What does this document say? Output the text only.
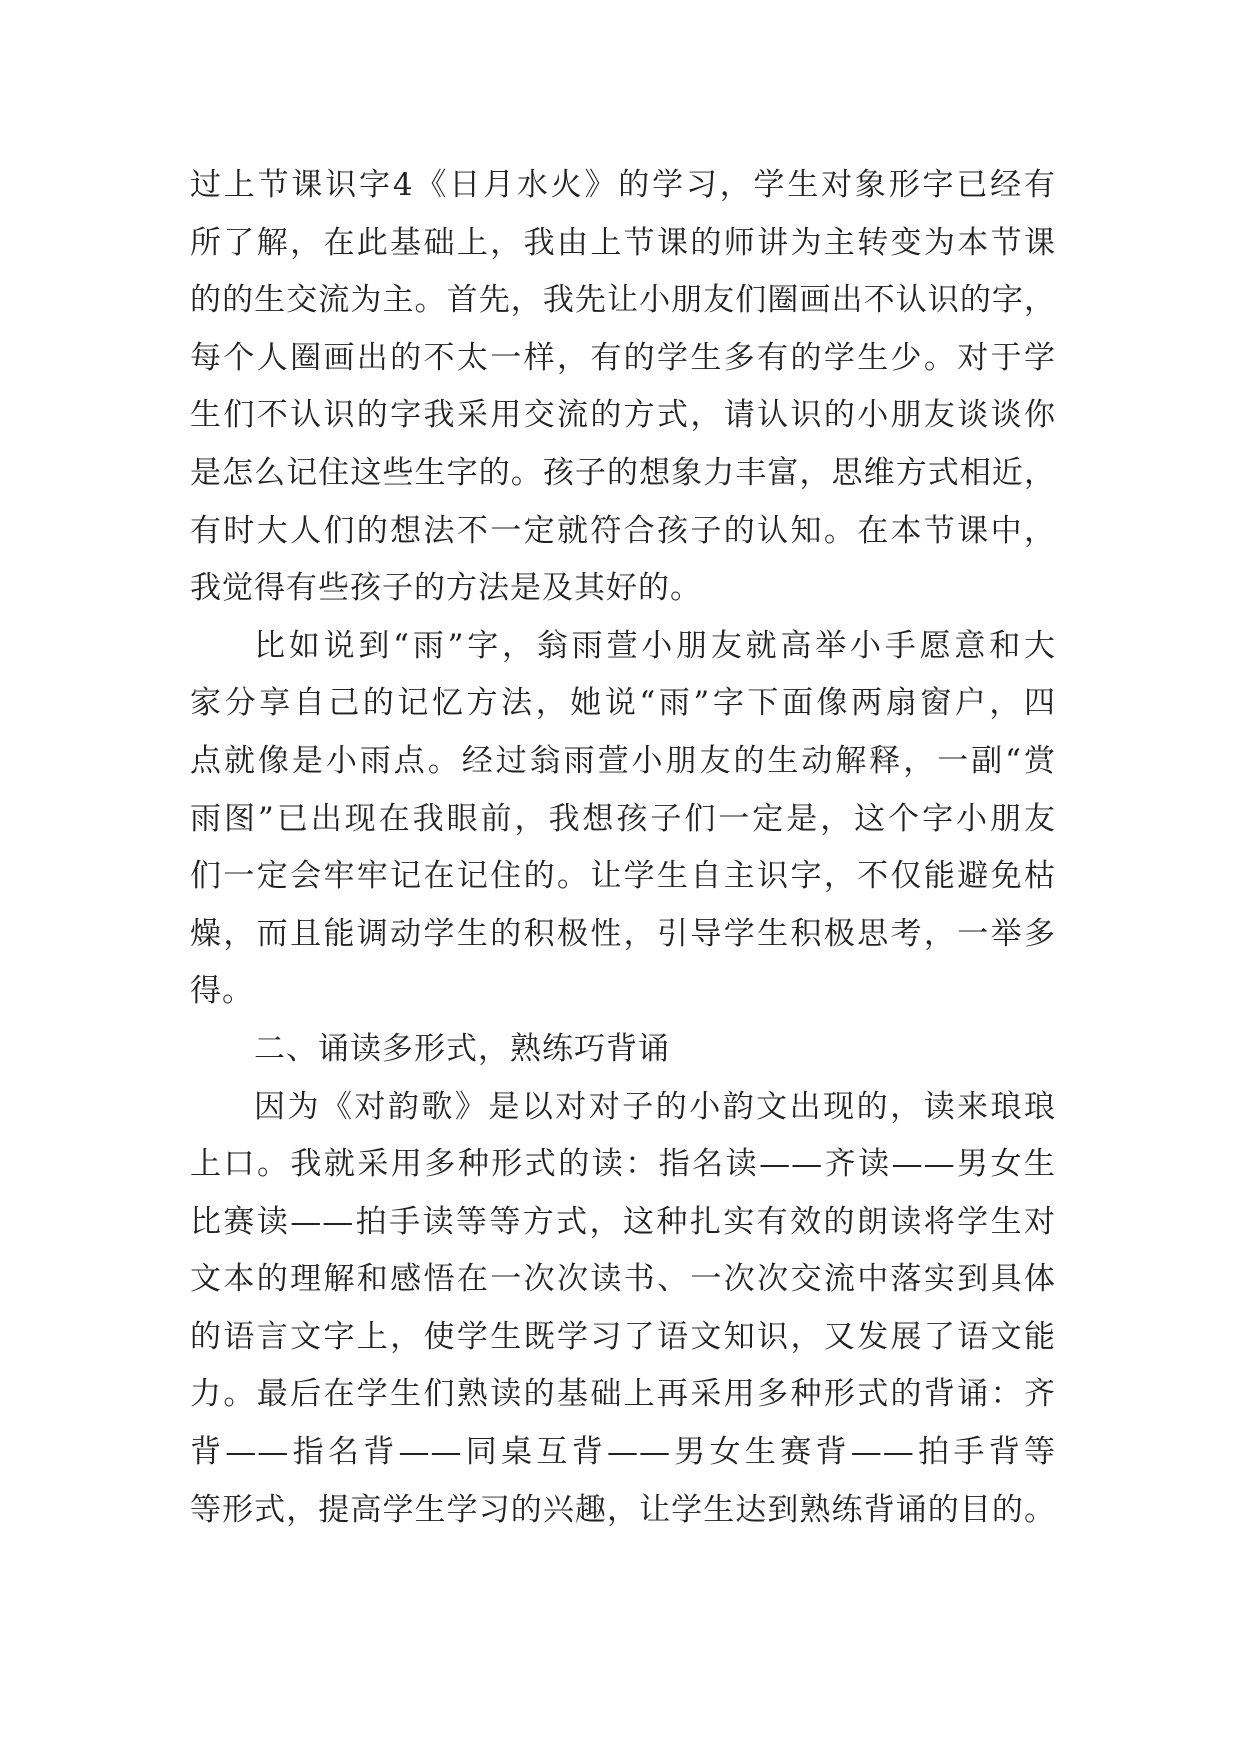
过上节课识字4《日月水火》的学习，学生对象形字已经有
所了解，在此基础上，我由上节课的师讲为主转变为本节课
的的生交流为主。首先，我先让小朋友们圈画出不认识的字，
每个人圈画出的不太一样，有的学生多有的学生少。对于学
生们不认识的字我采用交流的方式，请认识的小朋友谈谈你
是怎么记住这些生字的。孩子的想象力丰富，思维方式相近，
有时大人们的想法不一定就符合孩子的认知。在本节课中，
我觉得有些孩子的方法是及其好的。
比如说到“雨”字，翁雨萱小朋友就高举小手愿意和大
家分享自己的记忆方法，她说“雨”字下面像两扇窗户，四
点就像是小雨点。经过翁雨萱小朋友的生动解释，一副“赏
雨图”已出现在我眼前，我想孩子们一定是，这个字小朋友
们一定会牢牢记在记住的。让学生自主识字，不仅能避免枯
燥，而且能调动学生的积极性，引导学生积极思考，一举多
得。
二、诵读多形式，熟练巧背诵
因为《对韵歌》是以对对子的小韵文出现的，读来琅琅
上口。我就采用多种形式的读：指名读——齐读——男女生
比赛读——拍手读等等方式，这种扎实有效的朗读将学生对
文本的理解和感悟在一次次读书、一次次交流中落实到具体
的语言文字上，使学生既学习了语文知识，又发展了语文能
力。最后在学生们熟读的基础上再采用多种形式的背诵：齐
背——指名背——同桌互背——男女生赛背——拍手背等
等形式，提高学生学习的兴趣，让学生达到熟练背诵的目的。
